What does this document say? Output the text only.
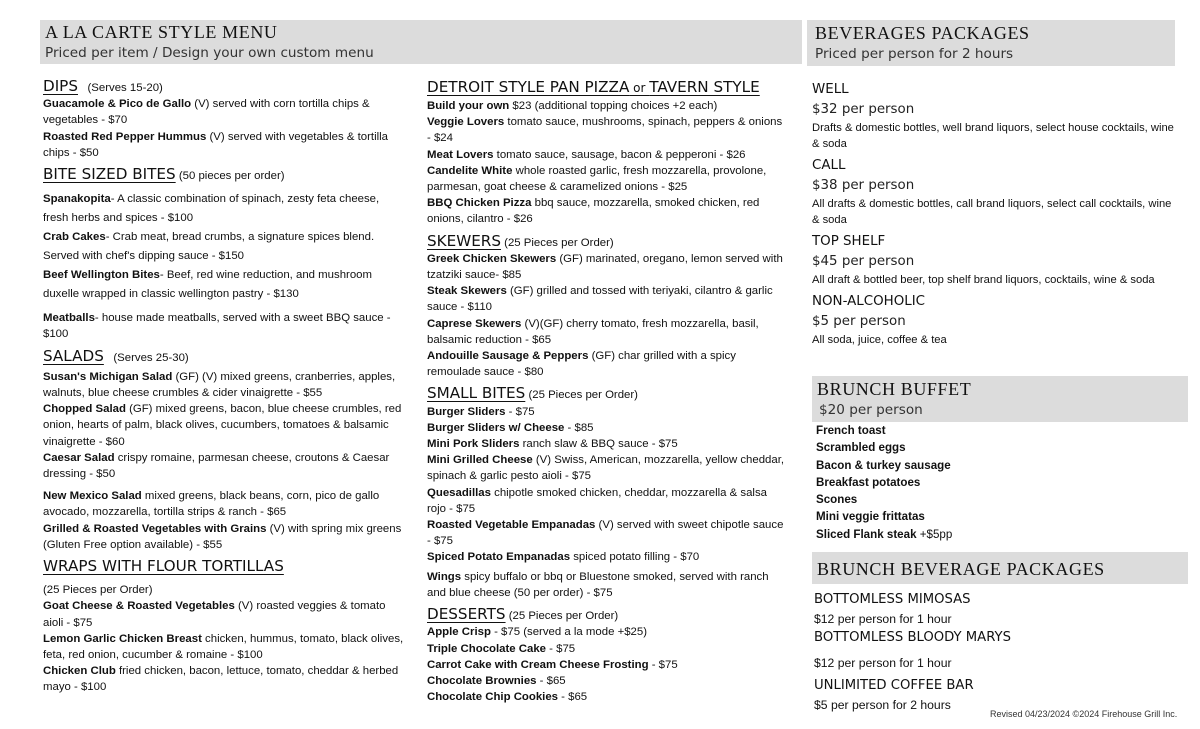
A LA CARTE STYLE MENU
Priced per item / Design your own custom menu
BEVERAGES PACKAGES
Priced per person for 2 hours
BRUNCH BUFFET
$20 per person
BRUNCH BEVERAGE PACKAGES
DIPS (Serves 15-20)
Guacamole & Pico de Gallo (V) served with corn tortilla chips & vegetables - $70
Roasted Red Pepper Hummus (V) served with vegetables & tortilla chips - $50
BITE SIZED BITES (50 pieces per order)
Spanakopita- A classic combination of spinach, zesty feta cheese, fresh herbs and spices - $100
Crab Cakes- Crab meat, bread crumbs, a signature spices blend. Served with chef's dipping sauce - $150
Beef Wellington Bites- Beef, red wine reduction, and mushroom duxelle wrapped in classic wellington pastry - $130
Meatballs- house made meatballs, served with a sweet BBQ sauce - $100
SALADS (Serves 25-30)
Susan's Michigan Salad (GF) (V) mixed greens, cranberries, apples, walnuts, blue cheese crumbles & cider vinaigrette - $55
Chopped Salad (GF) mixed greens, bacon, blue cheese crumbles, red onion, hearts of palm, black olives, cucumbers, tomatoes & balsamic vinaigrette - $60
Caesar Salad crispy romaine, parmesan cheese, croutons & Caesar dressing - $50
New Mexico Salad mixed greens, black beans, corn, pico de gallo avocado, mozzarella, tortilla strips & ranch - $65
Grilled & Roasted Vegetables with Grains (V) with spring mix greens (Gluten Free option available) - $55
WRAPS WITH FLOUR TORTILLAS
(25 Pieces per Order)
Goat Cheese & Roasted Vegetables (V) roasted veggies & tomato aioli - $75
Lemon Garlic Chicken Breast chicken, hummus, tomato, black olives, feta, red onion, cucumber & romaine - $100
Chicken Club fried chicken, bacon, lettuce, tomato, cheddar & herbed mayo - $100
DETROIT STYLE PAN PIZZA or TAVERN STYLE
Build your own $23 (additional topping choices +2 each)
Veggie Lovers tomato sauce, mushrooms, spinach, peppers & onions - $24
Meat Lovers tomato sauce, sausage, bacon & pepperoni - $26
Candelite White whole roasted garlic, fresh mozzarella, provolone, parmesan, goat cheese & caramelized onions - $25
BBQ Chicken Pizza bbq sauce, mozzarella, smoked chicken, red onions, cilantro - $26
SKEWERS (25 Pieces per Order)
Greek Chicken Skewers (GF) marinated, oregano, lemon served with tzatziki sauce- $85
Steak Skewers (GF) grilled and tossed with teriyaki, cilantro & garlic sauce - $110
Caprese Skewers (V)(GF) cherry tomato, fresh mozzarella, basil, balsamic reduction - $65
Andouille Sausage & Peppers (GF) char grilled with a spicy remoulade sauce - $80
SMALL BITES (25 Pieces per Order)
Burger Sliders - $75
Burger Sliders w/ Cheese - $85
Mini Pork Sliders ranch slaw & BBQ sauce - $75
Mini Grilled Cheese (V) Swiss, American, mozzarella, yellow cheddar, spinach & garlic pesto aioli - $75
Quesadillas chipotle smoked chicken, cheddar, mozzarella & salsa rojo - $75
Roasted Vegetable Empanadas (V) served with sweet chipotle sauce - $75
Spiced Potato Empanadas spiced potato filling - $70
Wings spicy buffalo or bbq or Bluestone smoked, served with ranch and blue cheese (50 per order) - $75
DESSERTS (25 Pieces per Order)
Apple Crisp - $75 (served a la mode +$25)
Triple Chocolate Cake - $75
Carrot Cake with Cream Cheese Frosting - $75
Chocolate Brownies - $65
Chocolate Chip Cookies - $65
WELL
$32 per person
Drafts & domestic bottles, well brand liquors, select house cocktails, wine & soda
CALL
$38 per person
All drafts & domestic bottles, call brand liquors, select call cocktails, wine & soda
TOP SHELF
$45 per person
All draft & bottled beer, top shelf brand liquors, cocktails, wine & soda
NON-ALCOHOLIC
$5 per person
All soda, juice, coffee & tea
French toast
Scrambled eggs
Bacon & turkey sausage
Breakfast potatoes
Scones
Mini veggie frittatas
Sliced Flank steak +$5pp
BOTTOMLESS MIMOSAS
$12 per person for 1 hour
BOTTOMLESS BLOODY MARYS
$12 per person for 1 hour
UNLIMITED COFFEE BAR
$5 per person for 2 hours
Revised 04/23/2024 ©2024 Firehouse Grill Inc.
